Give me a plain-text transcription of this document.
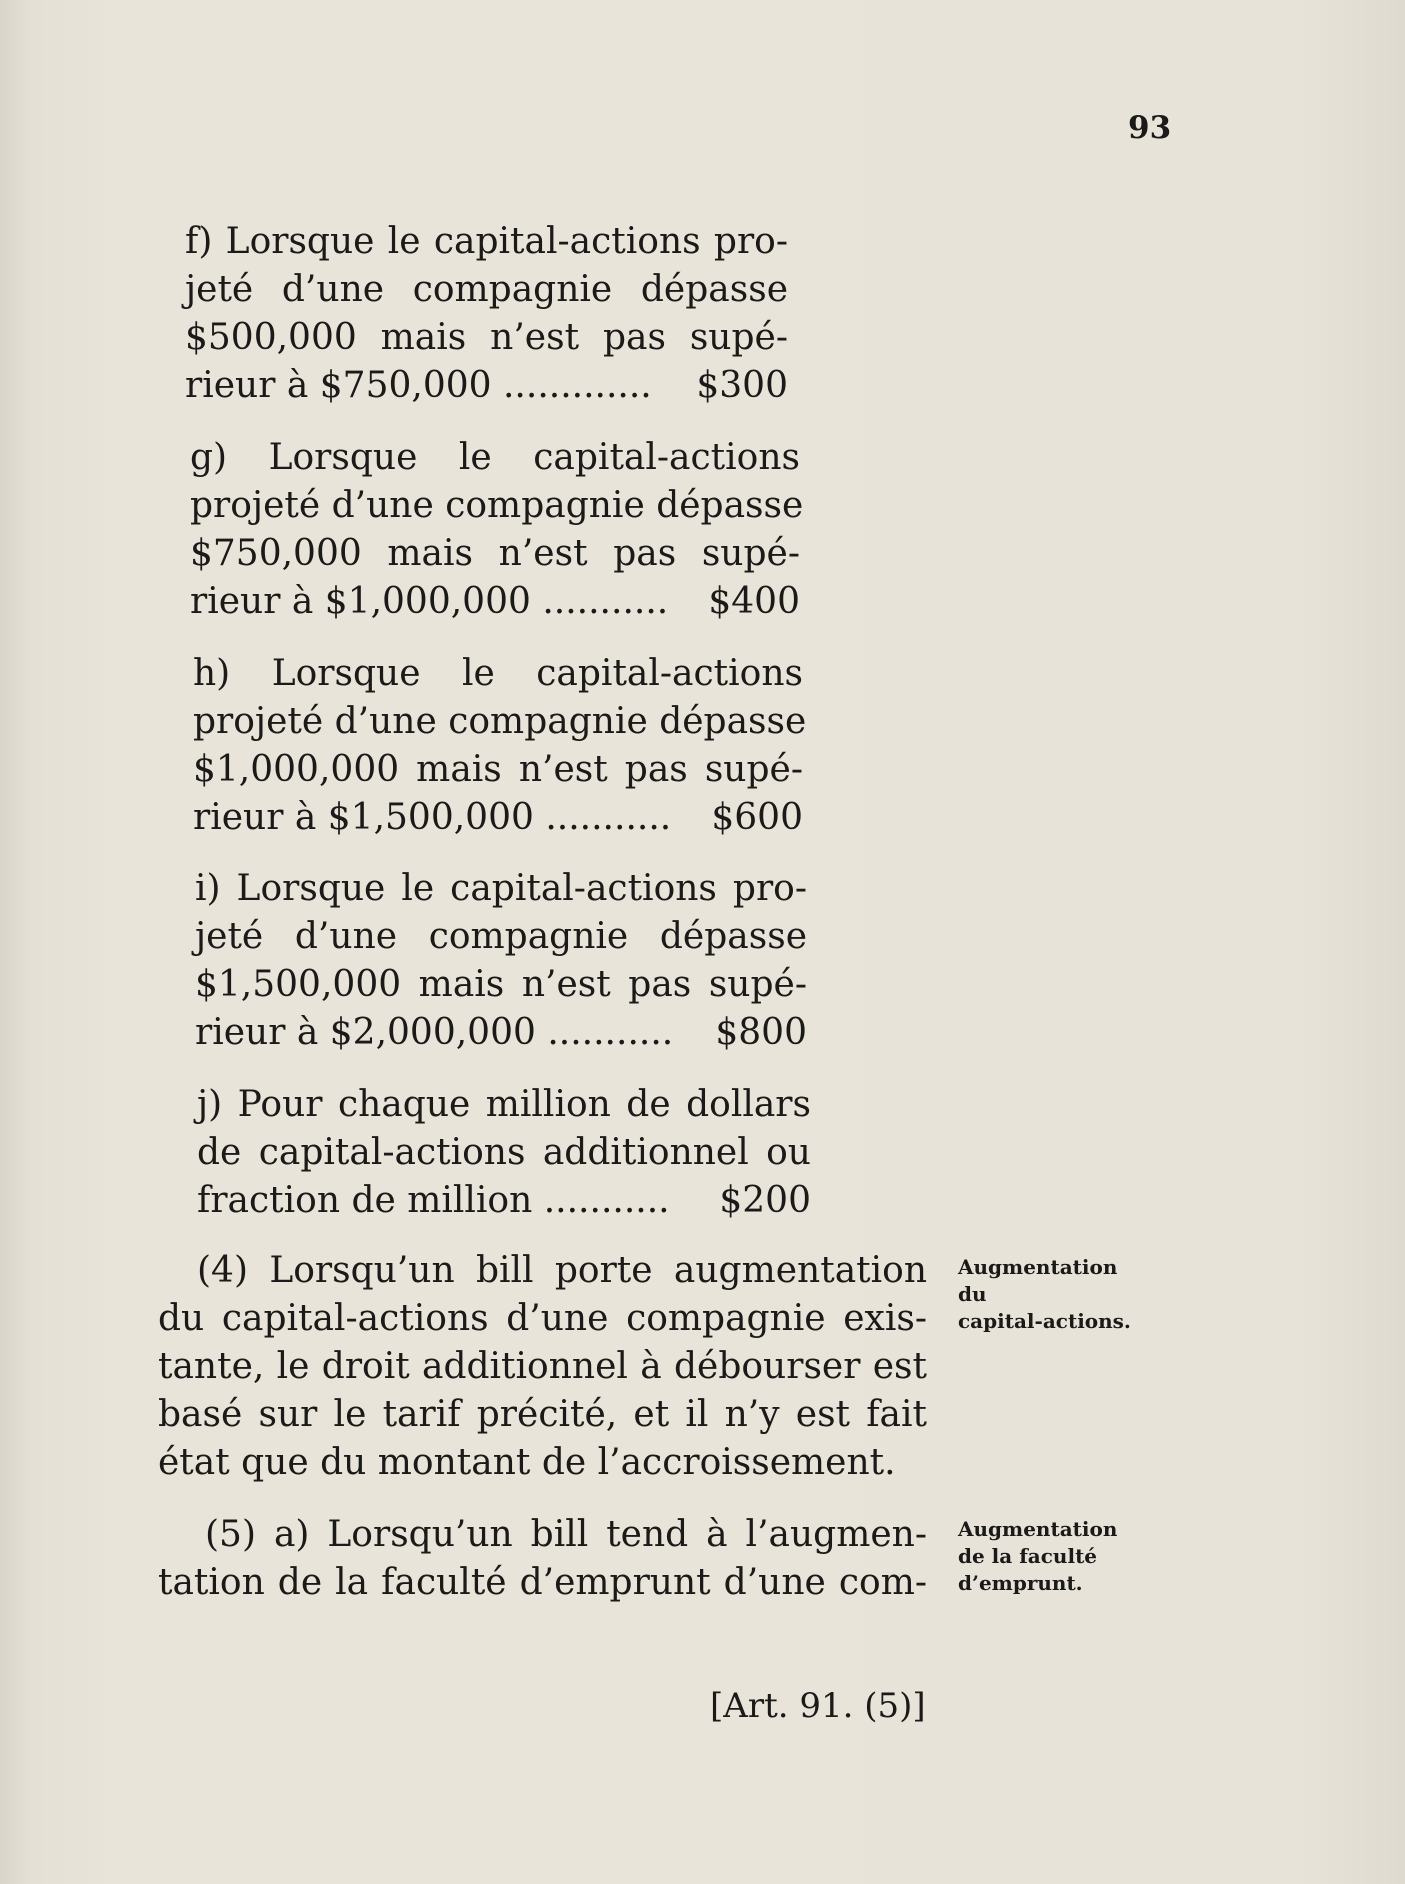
93
f) Lorsque le capital-actions pro-
jeté d’une compagnie dépasse
$500,000 mais n’est pas supé-
rieur à $750,000 ............. $300
g) Lorsque le capital-actions
projeté d’une compagnie dépasse
$750,000 mais n’est pas supé-
rieur à $1,000,000 ........... $400
h) Lorsque le capital-actions
projeté d’une compagnie dépasse
$1,000,000 mais n’est pas supé-
rieur à $1,500,000 ........... $600
i) Lorsque le capital-actions pro-
jeté d’une compagnie dépasse
$1,500,000 mais n’est pas supé-
rieur à $2,000,000 ........... $800
j) Pour chaque million de dollars
de capital-actions additionnel ou
fraction de million ........... $200
(4) Lorsqu’un bill porte augmentation
du capital-actions d’une compagnie exis-
tante, le droit additionnel à débourser est
basé sur le tarif précité, et il n’y est fait
état que du montant de l’accroissement.
Augmentation
du
capital-actions.
(5) a) Lorsqu’un bill tend à l’augmen-
tation de la faculté d’emprunt d’une com-
Augmentation
de la faculté
d’emprunt.
[Art. 91. (5)]
